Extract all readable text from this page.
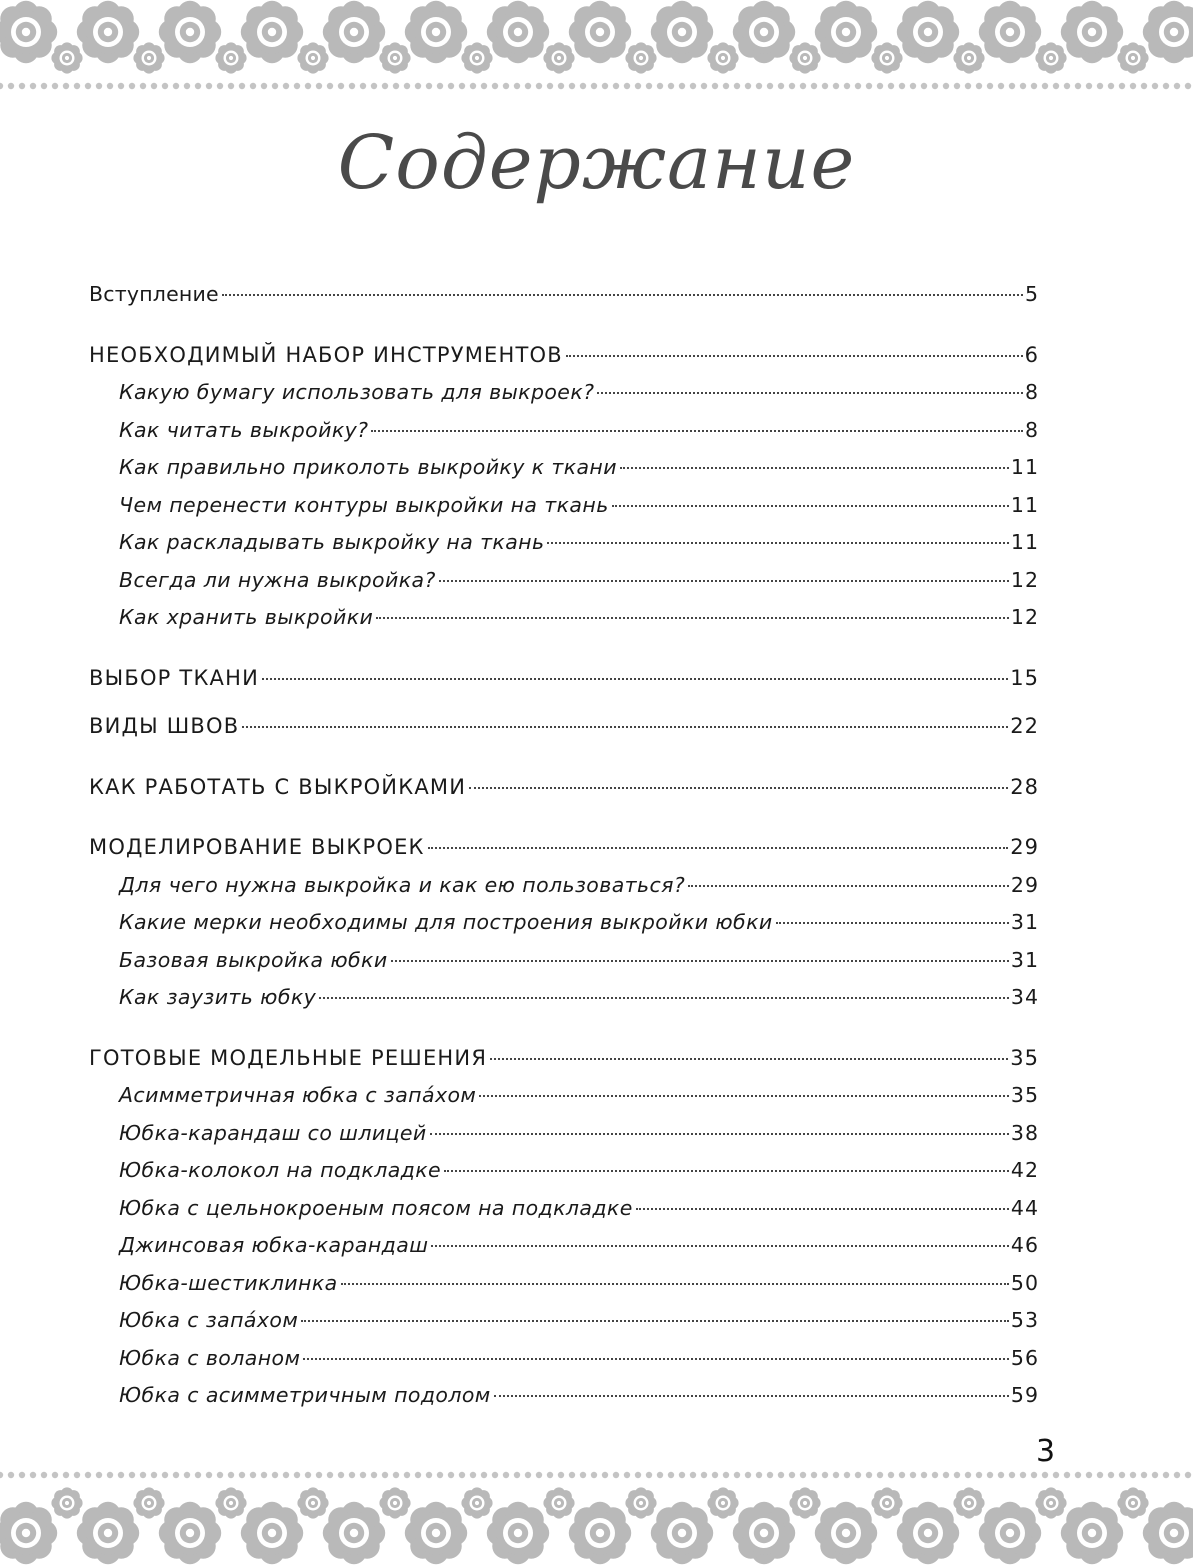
Содержание
Вступление	5
НЕОБХОДИМЫЙ НАБОР ИНСТРУМЕНТОВ	6
Какую бумагу использовать для выкроек?	8
Как читать выкройку?	8
Как правильно приколоть выкройку к ткани	11
Чем перенести контуры выкройки на ткань	11
Как раскладывать выкройку на ткань	11
Всегда ли нужна выкройка?	12
Как хранить выкройки	12
ВЫБОР ТКАНИ	15
ВИДЫ ШВОВ	22
КАК РАБОТАТЬ С ВЫКРОЙКАМИ	28
МОДЕЛИРОВАНИЕ ВЫКРОЕК	29
Для чего нужна выкройка и как ею пользоваться?	29
Какие мерки необходимы для построения выкройки юбки	31
Базовая выкройка юбки	31
Как заузить юбку	34
ГОТОВЫЕ МОДЕЛЬНЫЕ РЕШЕНИЯ	35
Асимметричная юбка с запáхом	35
Юбка-карандаш со шлицей	38
Юбка-колокол на подкладке	42
Юбка с цельнокроеным поясом на подкладке	44
Джинсовая юбка-карандаш	46
Юбка-шестиклинка	50
Юбка с запáхом	53
Юбка с воланом	56
Юбка с асимметричным подолом	59
3
